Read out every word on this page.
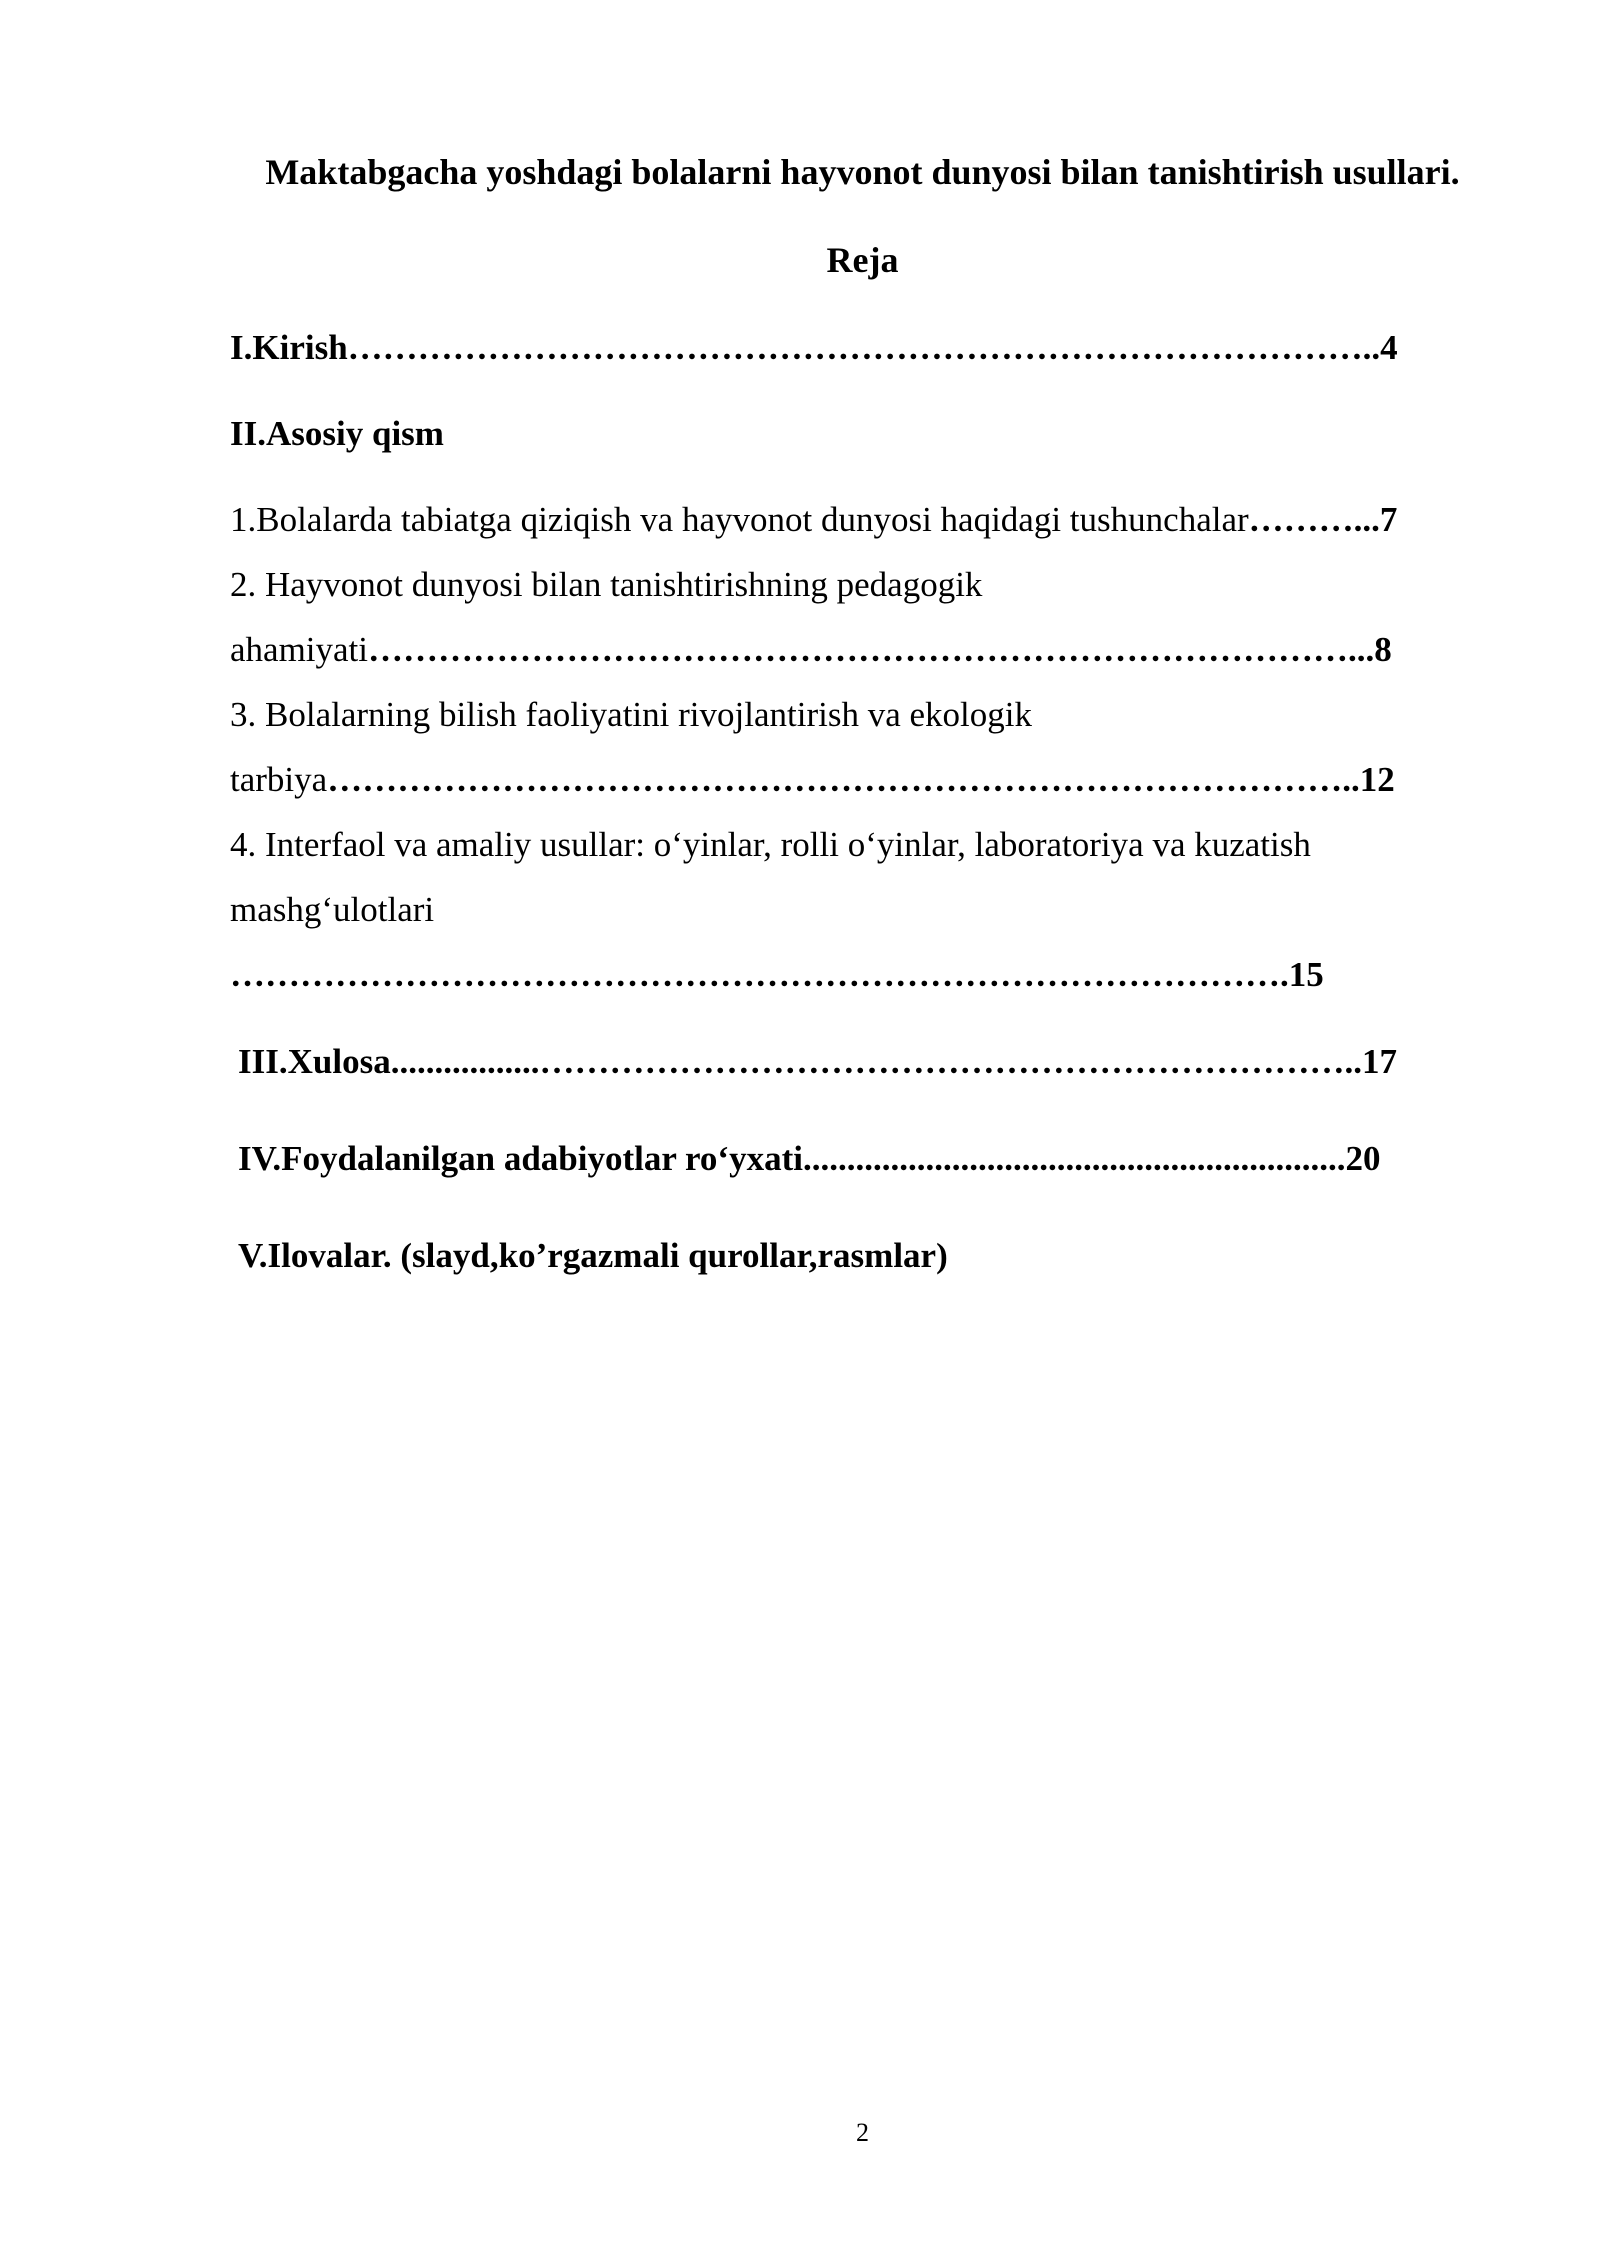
Maktabgacha yoshdagi bolalarni hayvonot dunyosi bilan tanishtirish usullari.
Reja
I.Kirish……………………………………………………………………………..4
II.Asosiy qism
1.Bolalarda tabiatga qiziqish va hayvonot dunyosi haqidagi tushunchalar………...7
2. Hayvonot dunyosi bilan tanishtirishning pedagogik
ahamiyati…………………………………………………………………………...8
3. Bolalarning bilish faoliyatini rivojlantirish va ekologik
tarbiya……………………………………………………………………………..12
4. Interfaol va amaliy usullar: o‘yinlar, rolli o‘yinlar, laboratoriya va kuzatish
mashg‘ulotlari
……………………………………………………………………………….15
III.Xulosa.................……………………………………………………………..17
IV.Foydalanilgan adabiyotlar ro‘yxati..............................................................20
V.Ilovalar. (slayd,ko’rgazmali qurollar,rasmlar)
2
